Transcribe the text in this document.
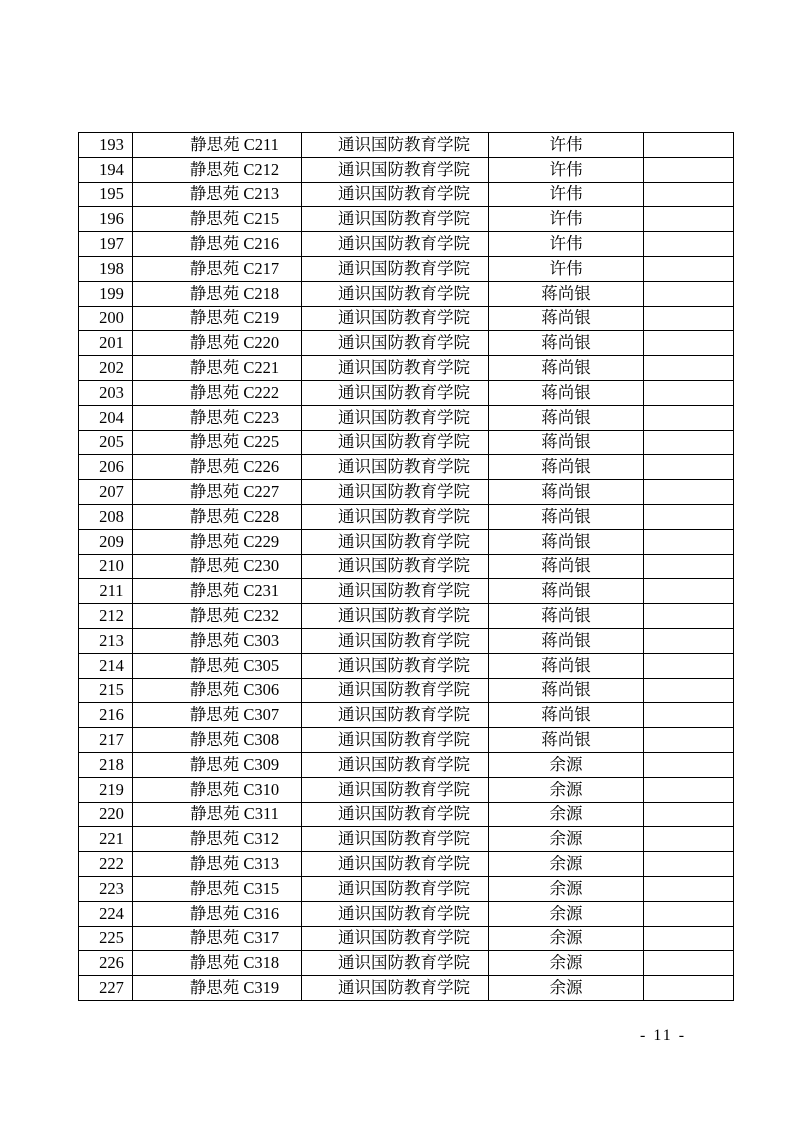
193	静思苑 C211	通识国防教育学院	许伟	
194	静思苑 C212	通识国防教育学院	许伟	
195	静思苑 C213	通识国防教育学院	许伟	
196	静思苑 C215	通识国防教育学院	许伟	
197	静思苑 C216	通识国防教育学院	许伟	
198	静思苑 C217	通识国防教育学院	许伟	
199	静思苑 C218	通识国防教育学院	蒋尚银	
200	静思苑 C219	通识国防教育学院	蒋尚银	
201	静思苑 C220	通识国防教育学院	蒋尚银	
202	静思苑 C221	通识国防教育学院	蒋尚银	
203	静思苑 C222	通识国防教育学院	蒋尚银	
204	静思苑 C223	通识国防教育学院	蒋尚银	
205	静思苑 C225	通识国防教育学院	蒋尚银	
206	静思苑 C226	通识国防教育学院	蒋尚银	
207	静思苑 C227	通识国防教育学院	蒋尚银	
208	静思苑 C228	通识国防教育学院	蒋尚银	
209	静思苑 C229	通识国防教育学院	蒋尚银	
210	静思苑 C230	通识国防教育学院	蒋尚银	
211	静思苑 C231	通识国防教育学院	蒋尚银	
212	静思苑 C232	通识国防教育学院	蒋尚银	
213	静思苑 C303	通识国防教育学院	蒋尚银	
214	静思苑 C305	通识国防教育学院	蒋尚银	
215	静思苑 C306	通识国防教育学院	蒋尚银	
216	静思苑 C307	通识国防教育学院	蒋尚银	
217	静思苑 C308	通识国防教育学院	蒋尚银	
218	静思苑 C309	通识国防教育学院	余源	
219	静思苑 C310	通识国防教育学院	余源	
220	静思苑 C311	通识国防教育学院	余源	
221	静思苑 C312	通识国防教育学院	余源	
222	静思苑 C313	通识国防教育学院	余源	
223	静思苑 C315	通识国防教育学院	余源	
224	静思苑 C316	通识国防教育学院	余源	
225	静思苑 C317	通识国防教育学院	余源	
226	静思苑 C318	通识国防教育学院	余源	
227	静思苑 C319	通识国防教育学院	余源	
- 11 -
